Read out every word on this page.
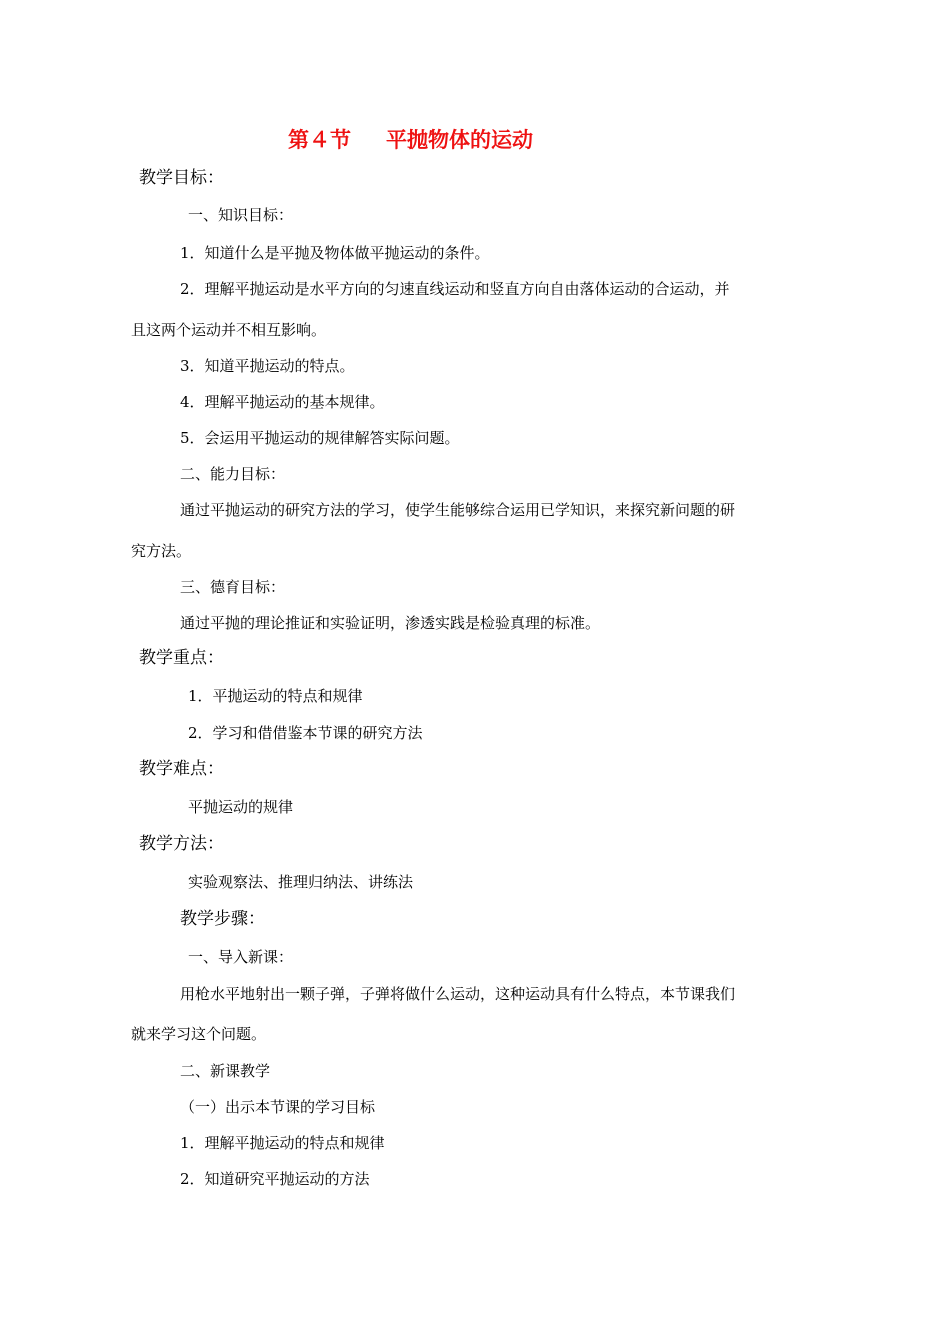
第４节 平抛物体的运动
教学目标：
一、知识目标：
1．知道什么是平抛及物体做平抛运动的条件。
2．理解平抛运动是水平方向的匀速直线运动和竖直方向自由落体运动的合运动，并
且这两个运动并不相互影响。
3．知道平抛运动的特点。
4．理解平抛运动的基本规律。
5．会运用平抛运动的规律解答实际问题。
二、能力目标：
通过平抛运动的研究方法的学习，使学生能够综合运用已学知识，来探究新问题的研
究方法。
三、德育目标：
通过平抛的理论推证和实验证明，渗透实践是检验真理的标准。
教学重点：
1．平抛运动的特点和规律
2．学习和借借鉴本节课的研究方法
教学难点：
平抛运动的规律
教学方法：
实验观察法、推理归纳法、讲练法
教学步骤：
一、导入新课：
用枪水平地射出一颗子弹，子弹将做什么运动，这种运动具有什么特点，本节课我们
就来学习这个问题。
二、新课教学
（一）出示本节课的学习目标
1．理解平抛运动的特点和规律
2．知道研究平抛运动的方法
